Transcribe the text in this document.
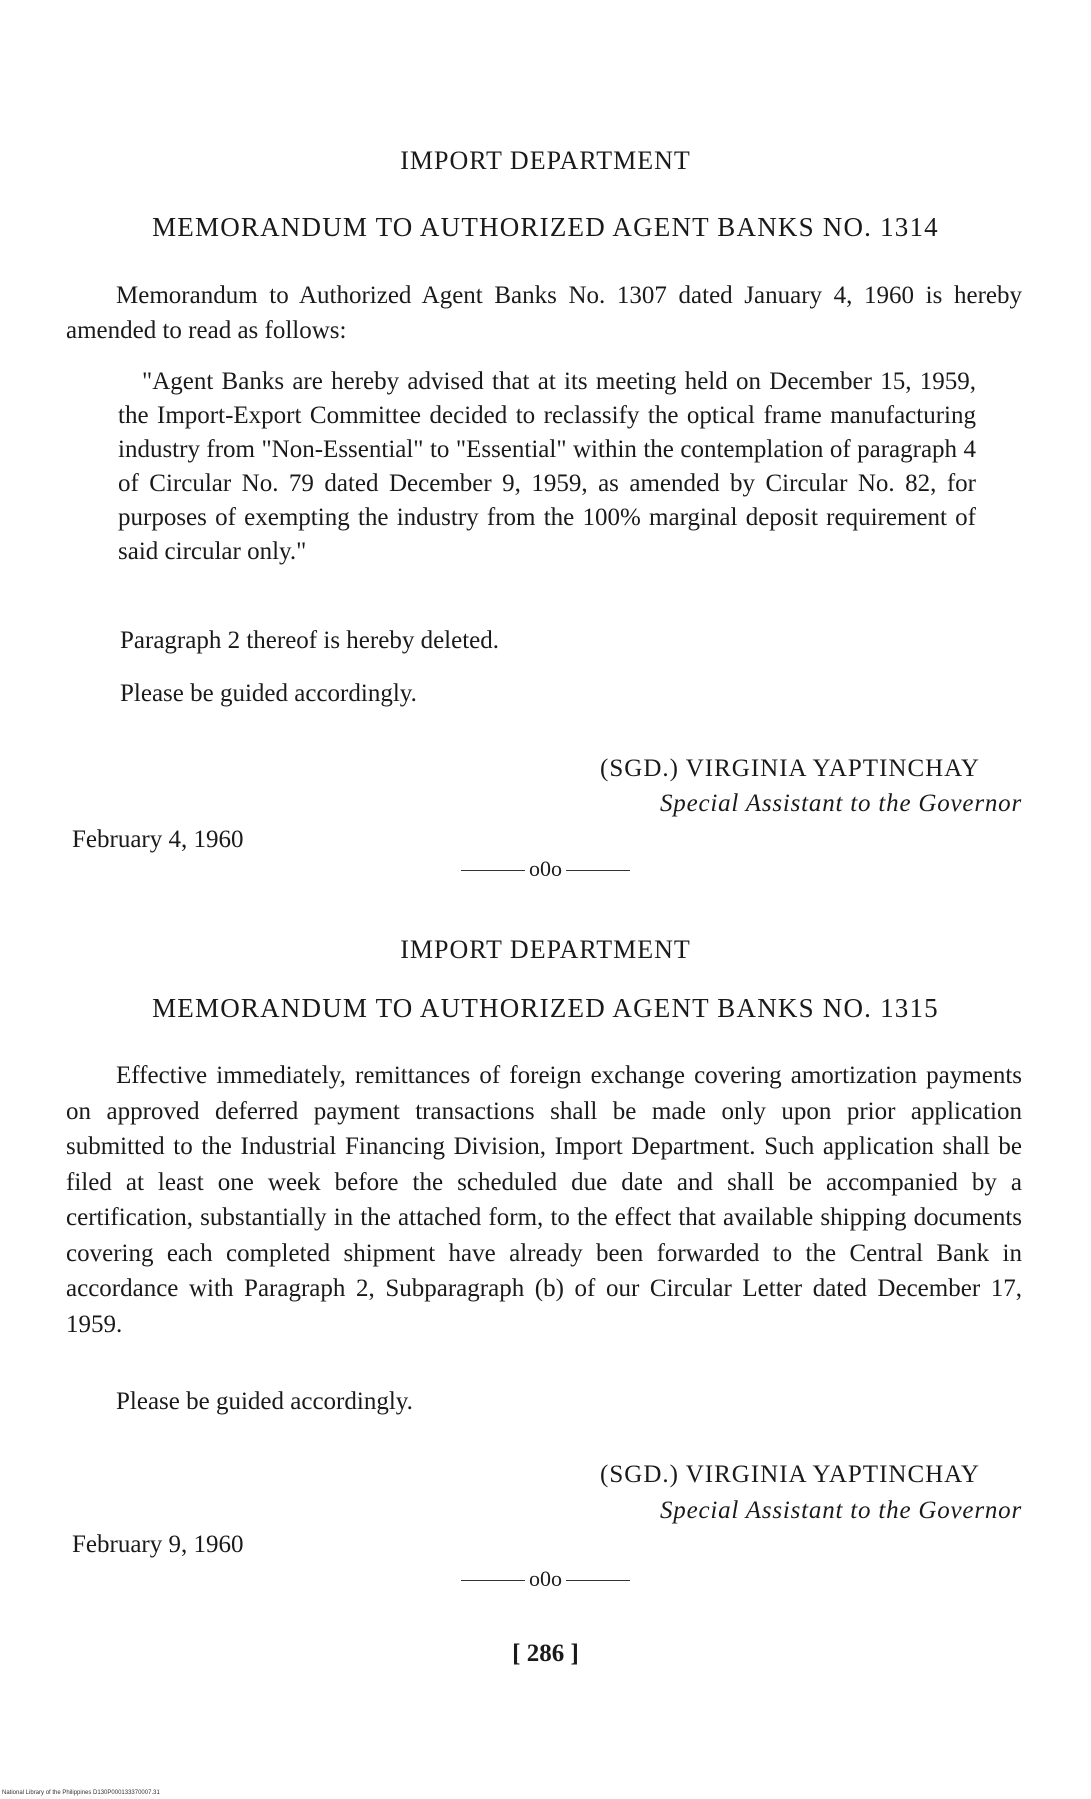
IMPORT DEPARTMENT
MEMORANDUM TO AUTHORIZED AGENT BANKS NO. 1314

Memorandum to Authorized Agent Banks No. 1307 dated January 4, 1960 is hereby amended to read as follows:

"Agent Banks are hereby advised that at its meeting held on December 15, 1959, the Import-Export Committee decided to reclassify the optical frame manufacturing industry from "Non-Essential" to "Essential" within the contemplation of paragraph 4 of Circular No. 79 dated December 9, 1959, as amended by Circular No. 82, for purposes of exempting the industry from the 100% marginal deposit requirement of said circular only."

Paragraph 2 thereof is hereby deleted.

Please be guided accordingly.

(SGD.) VIRGINIA YAPTINCHAY
Special Assistant to the Governor
February 4, 1960
o0o
IMPORT DEPARTMENT
MEMORANDUM TO AUTHORIZED AGENT BANKS NO. 1315

Effective immediately, remittances of foreign exchange covering amortization payments on approved deferred payment transactions shall be made only upon prior application submitted to the Industrial Financing Division, Import Department. Such application shall be filed at least one week before the scheduled due date and shall be accompanied by a certification, substantially in the attached form, to the effect that available shipping documents covering each completed shipment have already been forwarded to the Central Bank in accordance with Paragraph 2, Subparagraph (b) of our Circular Letter dated December 17, 1959.

Please be guided accordingly.

(SGD.) VIRGINIA YAPTINCHAY
Special Assistant to the Governor
February 9, 1960
o0o
[ 286 ]
National Library of the Philippines D130P000133370007.31
